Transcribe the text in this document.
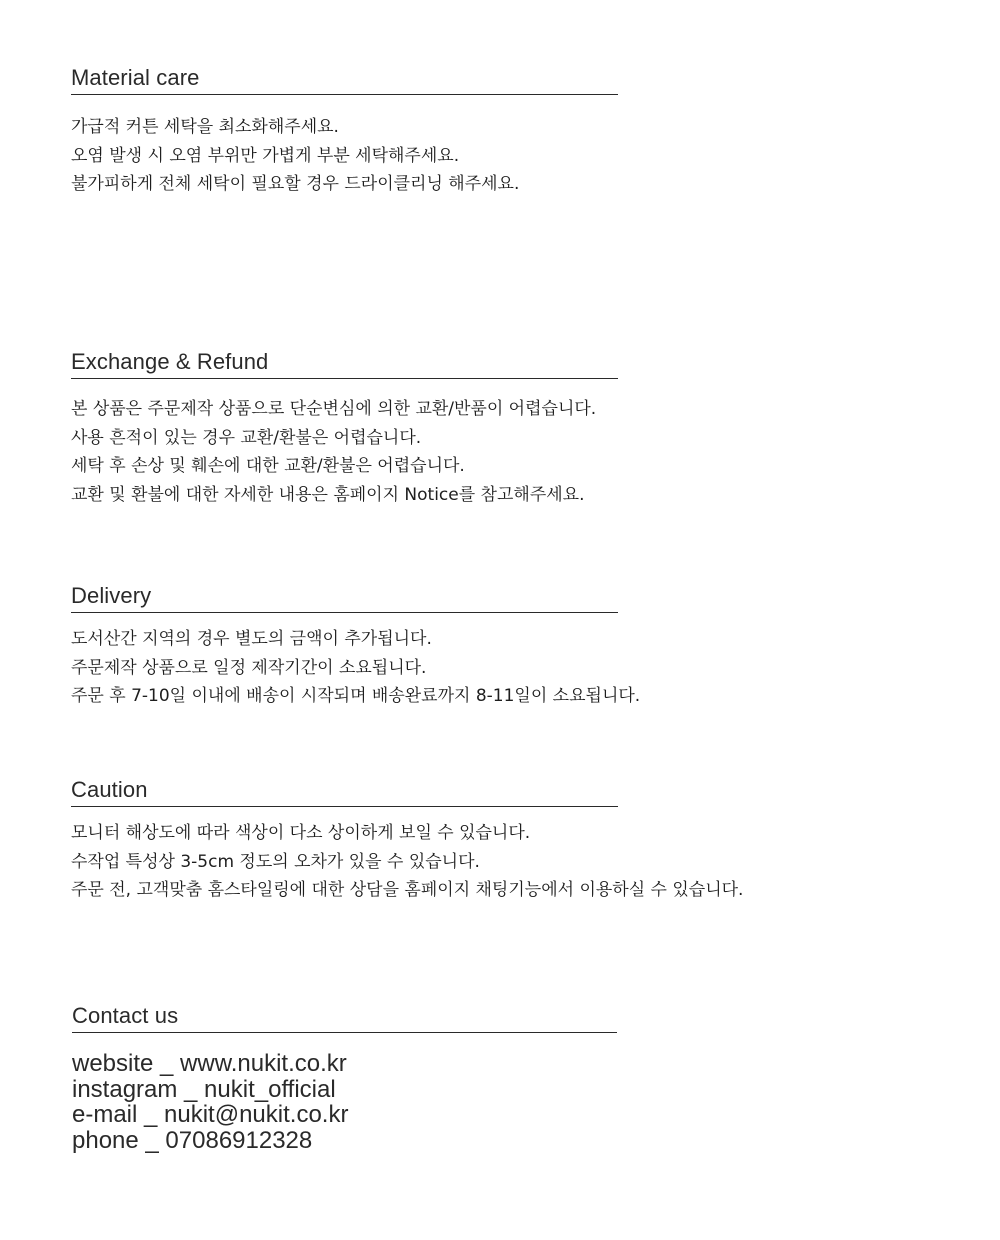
Material care
가급적 커튼 세탁을 최소화해주세요.
오염 발생 시 오염 부위만 가볍게 부분 세탁해주세요.
불가피하게 전체 세탁이 필요할 경우 드라이클리닝 해주세요.
Exchange & Refund
본 상품은 주문제작 상품으로 단순변심에 의한 교환/반품이 어렵습니다.
사용 흔적이 있는 경우 교환/환불은 어렵습니다.
세탁 후 손상 및 훼손에 대한 교환/환불은 어렵습니다.
교환 및 환불에 대한 자세한 내용은 홈페이지 Notice를 참고해주세요.
Delivery
도서산간 지역의 경우 별도의 금액이 추가됩니다.
주문제작 상품으로 일정 제작기간이 소요됩니다.
주문 후 7-10일 이내에 배송이 시작되며 배송완료까지 8-11일이 소요됩니다.
Caution
모니터 해상도에 따라 색상이 다소 상이하게 보일 수 있습니다.
수작업 특성상 3-5cm 정도의 오차가 있을 수 있습니다.
주문 전, 고객맞춤 홈스타일링에 대한 상담을 홈페이지 채팅기능에서 이용하실 수 있습니다.
Contact us
website _ www.nukit.co.kr
instagram _ nukit_official
e-mail _ nukit@nukit.co.kr
phone _ 07086912328
